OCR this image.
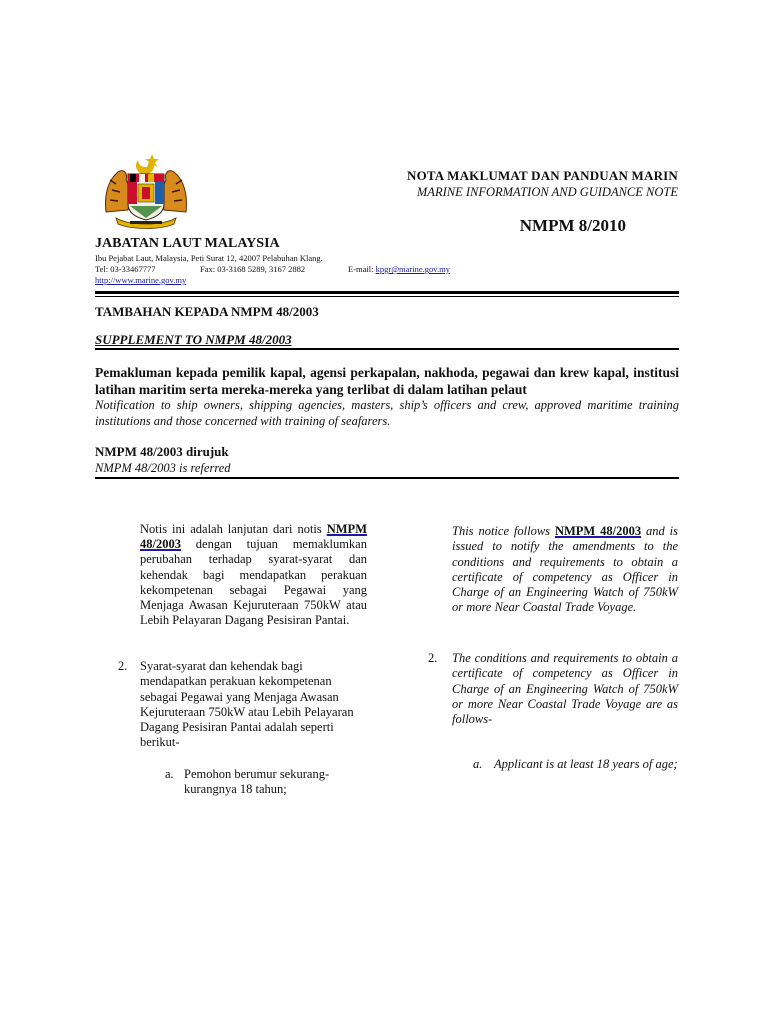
NOTA MAKLUMAT DAN PANDUAN MARIN
MARINE INFORMATION AND GUIDANCE NOTE
NMPM 8/2010
JABATAN LAUT MALAYSIA
Ibu Pejabat Laut, Malaysia, Peti Surat 12, 42007 Pelabuhan Klang.
Tel: 03-33467777	Fax: 03-3168 5289, 3167 2882	E-mail: kpgr@marine.gov.my
http://www.marine.gov.my
TAMBAHAN KEPADA NMPM 48/2003
SUPPLEMENT TO NMPM 48/2003
Pemakluman kepada pemilik kapal, agensi perkapalan, nakhoda, pegawai dan krew kapal, institusi latihan maritim serta mereka-mereka yang terlibat di dalam latihan pelaut
Notification to ship owners, shipping agencies, masters, ship’s officers and crew, approved maritime training institutions and those concerned with training of seafarers.
NMPM 48/2003 dirujuk
NMPM 48/2003 is referred
Notis ini adalah lanjutan dari notis NMPM 48/2003 dengan tujuan memaklumkan perubahan terhadap syarat-syarat dan kehendak bagi mendapatkan perakuan kekompetenan sebagai Pegawai yang Menjaga Awasan Kejuruteraan 750kW atau Lebih Pelayaran Dagang Pesisiran Pantai.
This notice follows NMPM 48/2003 and is issued to notify the amendments to the conditions and requirements to obtain a certificate of competency as Officer in Charge of an Engineering Watch of 750kW or more Near Coastal Trade Voyage.
2. Syarat-syarat dan kehendak bagi mendapatkan perakuan kekompetenan sebagai Pegawai yang Menjaga Awasan Kejuruteraan 750kW atau Lebih Pelayaran Dagang Pesisiran Pantai adalah seperti berikut-
2. The conditions and requirements to obtain a certificate of competency as Officer in Charge of an Engineering Watch of 750kW or more Near Coastal Trade Voyage are as follows-
a. Pemohon berumur sekurang-kurangnya 18 tahun;
a. Applicant is at least 18 years of age;
